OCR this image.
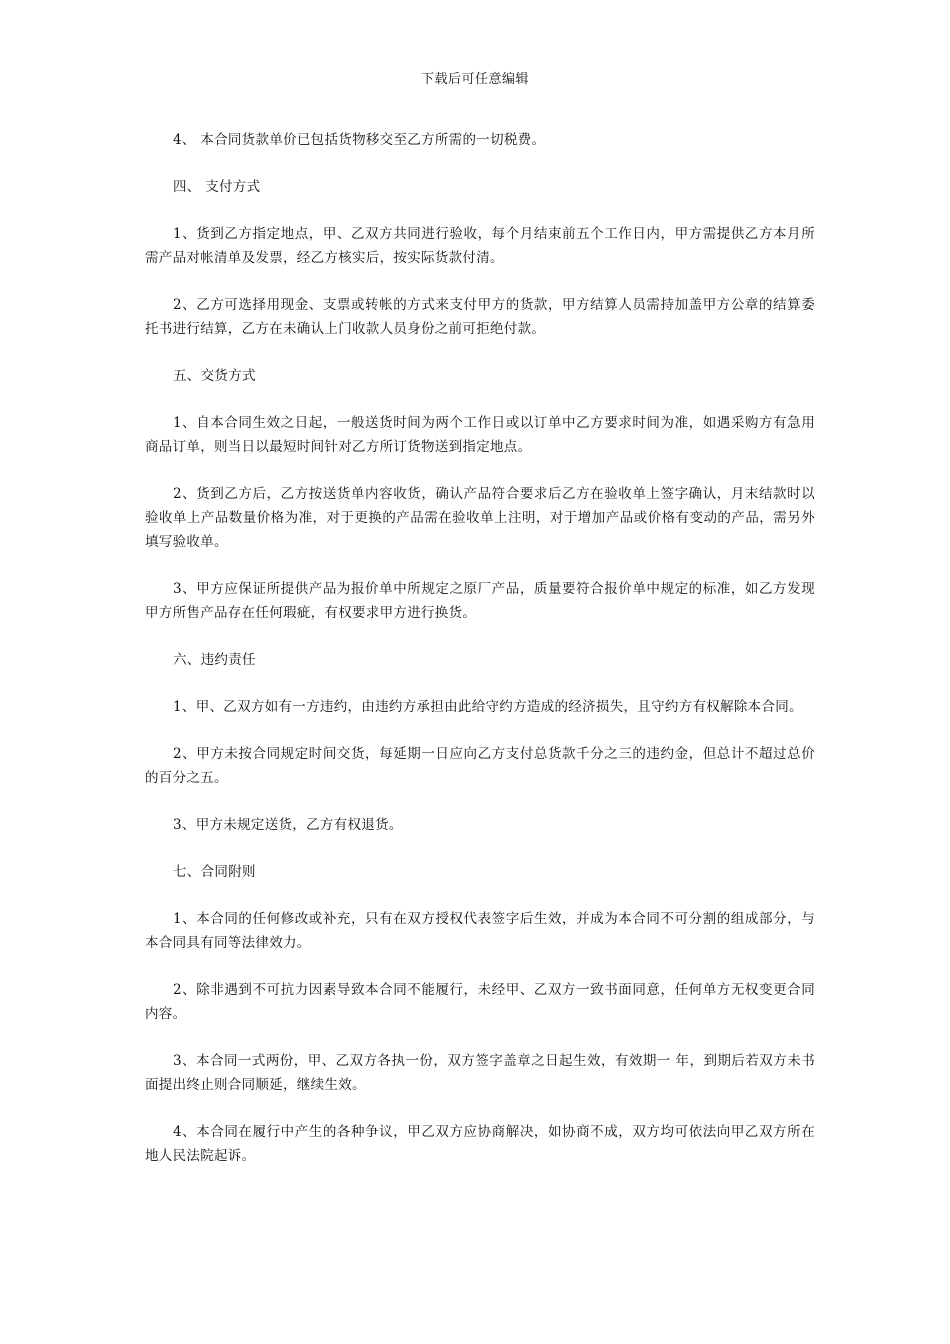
下载后可任意编辑

4、 本合同货款单价已包括货物移交至乙方所需的一切税费。

四、 支付方式

1、货到乙方指定地点，甲、乙双方共同进行验收，每个月结束前五个工作日内，甲方需提供乙方本月所需产品对帐清单及发票，经乙方核实后，按实际货款付清。

2、乙方可选择用现金、支票或转帐的方式来支付甲方的货款，甲方结算人员需持加盖甲方公章的结算委托书进行结算，乙方在未确认上门收款人员身份之前可拒绝付款。

五、交货方式

1、自本合同生效之日起，一般送货时间为两个工作日或以订单中乙方要求时间为准，如遇采购方有急用商品订单，则当日以最短时间针对乙方所订货物送到指定地点。

2、货到乙方后，乙方按送货单内容收货，确认产品符合要求后乙方在验收单上签字确认，月末结款时以验收单上产品数量价格为准，对于更换的产品需在验收单上注明，对于增加产品或价格有变动的产品，需另外填写验收单。

3、甲方应保证所提供产品为报价单中所规定之原厂产品，质量要符合报价单中规定的标准，如乙方发现甲方所售产品存在任何瑕疵，有权要求甲方进行换货。

六、违约责任

1、甲、乙双方如有一方违约，由违约方承担由此给守约方造成的经济损失，且守约方有权解除本合同。

2、甲方未按合同规定时间交货，每延期一日应向乙方支付总货款千分之三的违约金，但总计不超过总价的百分之五。

3、甲方未规定送货，乙方有权退货。

七、合同附则

1、本合同的任何修改或补充，只有在双方授权代表签字后生效，并成为本合同不可分割的组成部分，与本合同具有同等法律效力。

2、除非遇到不可抗力因素导致本合同不能履行，未经甲、乙双方一致书面同意，任何单方无权变更合同内容。

3、本合同一式两份，甲、乙双方各执一份，双方签字盖章之日起生效，有效期一 年，到期后若双方未书面提出终止则合同顺延，继续生效。

4、本合同在履行中产生的各种争议，甲乙双方应协商解决，如协商不成，双方均可依法向甲乙双方所在地人民法院起诉。
